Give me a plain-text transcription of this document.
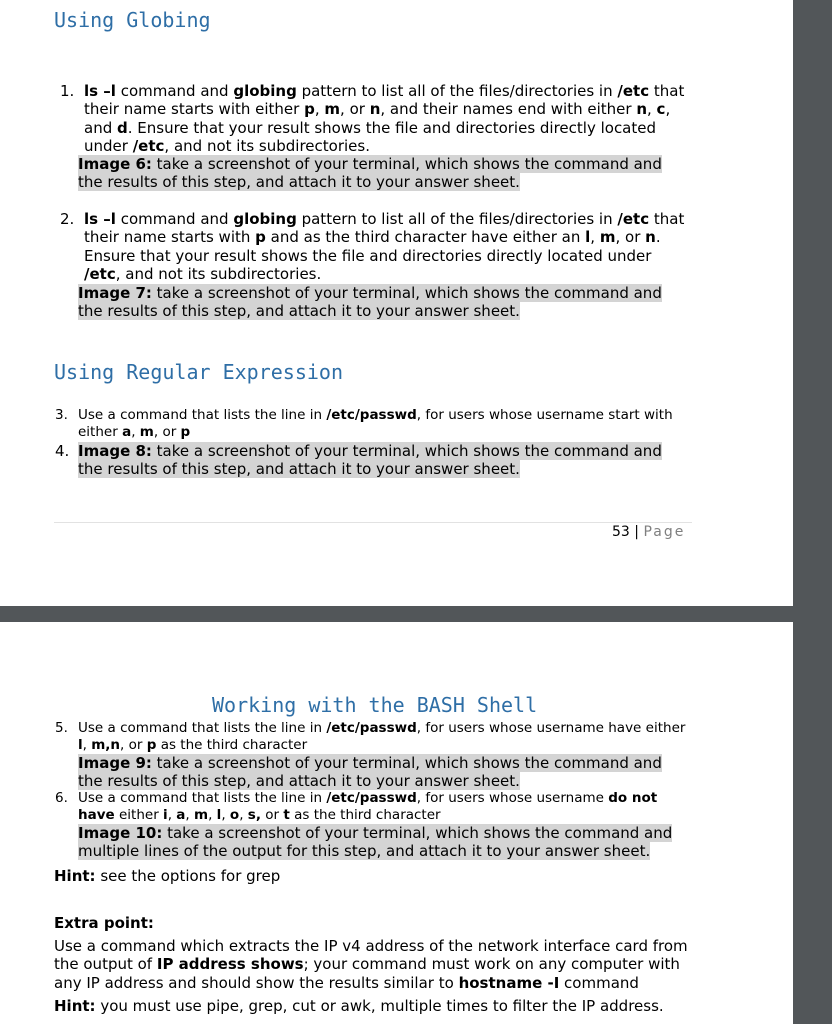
Using Globing
1. ls –l command and globing pattern to list all of the files/directories in /etc that their name starts with either p, m, or n, and their names end with either n, c, and d. Ensure that your result shows the file and directories directly located under /etc, and not its subdirectories.
Image 6: take a screenshot of your terminal, which shows the command and the results of this step, and attach it to your answer sheet.
2. ls –l command and globing pattern to list all of the files/directories in /etc that their name starts with p and as the third character have either an l, m, or n. Ensure that your result shows the file and directories directly located under /etc, and not its subdirectories.
Image 7: take a screenshot of your terminal, which shows the command and the results of this step, and attach it to your answer sheet.
Using Regular Expression
3. Use a command that lists the line in /etc/passwd, for users whose username start with either a, m, or p
4. Image 8: take a screenshot of your terminal, which shows the command and the results of this step, and attach it to your answer sheet.
53 | Page
Working with the BASH Shell
5. Use a command that lists the line in /etc/passwd, for users whose username have either l, m,n, or p as the third character
Image 9: take a screenshot of your terminal, which shows the command and the results of this step, and attach it to your answer sheet.
6. Use a command that lists the line in /etc/passwd, for users whose username do not have either i, a, m, l, o, s, or t as the third character
Image 10: take a screenshot of your terminal, which shows the command and multiple lines of the output for this step, and attach it to your answer sheet.
Hint: see the options for grep
Extra point:
Use a command which extracts the IP v4 address of the network interface card from the output of IP address shows; your command must work on any computer with any IP address and should show the results similar to hostname -I command
Hint: you must use pipe, grep, cut or awk, multiple times to filter the IP address.
